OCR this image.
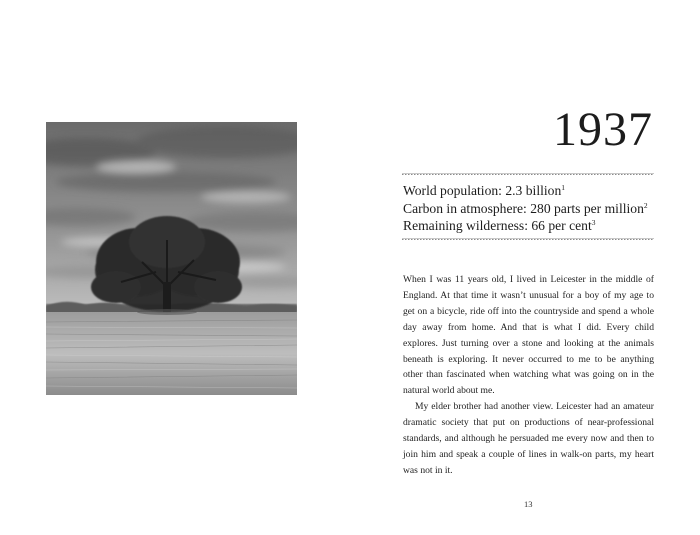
1937
World population: 2.3 billion$^1$
Carbon in atmosphere: 280 parts per million$^2$
Remaining wilderness: 66 per cent$^3$

When I was 11 years old, I lived in Leicester in the middle of England. At that time it wasn’t unusual for a boy of my age to get on a bicycle, ride off into the countryside and spend a whole day away from home. And that is what I did. Every child explores. Just turning over a stone and looking at the animals beneath is exploring. It never occurred to me to be anything other than fascinated when watching what was going on in the natural world about me.

My elder brother had another view. Leicester had an amateur dramatic society that put on productions of near-professional standards, and although he persuaded me every now and then to join him and speak a couple of lines in walk-on parts, my heart was not in it.

13
